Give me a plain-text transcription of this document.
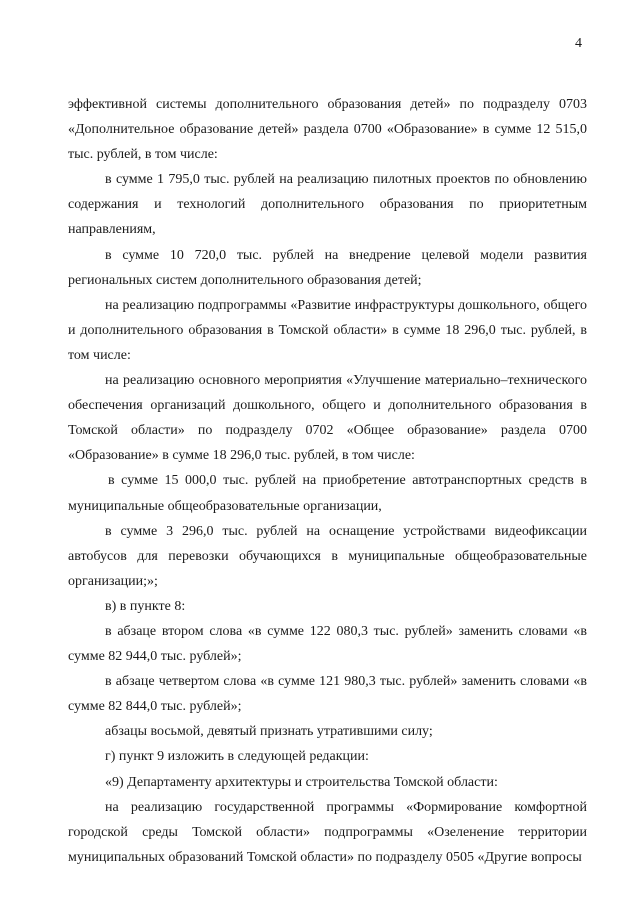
4

эффективной системы дополнительного образования детей» по подразделу 0703 «Дополнительное образование детей» раздела 0700 «Образование» в сумме 12 515,0 тыс. рублей, в том числе:

в сумме 1 795,0 тыс. рублей на реализацию пилотных проектов по обновлению содержания и технологий дополнительного образования по приоритетным направлениям,

в сумме 10 720,0 тыс. рублей на внедрение целевой модели развития региональных систем дополнительного образования детей;

на реализацию подпрограммы «Развитие инфраструктуры дошкольного, общего и дополнительного образования в Томской области» в сумме 18 296,0 тыс. рублей, в том числе:

на реализацию основного мероприятия «Улучшение материально–технического обеспечения организаций дошкольного, общего и дополнительного образования в Томской области» по подразделу 0702 «Общее образование» раздела 0700 «Образование» в сумме 18 296,0 тыс. рублей, в том числе:

в сумме 15 000,0 тыс. рублей на приобретение автотранспортных средств в муниципальные общеобразовательные организации,

в сумме 3 296,0 тыс. рублей на оснащение устройствами видеофиксации автобусов для перевозки обучающихся в муниципальные общеобразовательные организации;»;

в) в пункте 8:

в абзаце втором слова «в сумме 122 080,3 тыс. рублей» заменить словами «в сумме 82 944,0 тыс. рублей»;

в абзаце четвертом слова «в сумме 121 980,3 тыс. рублей» заменить словами «в сумме 82 844,0 тыс. рублей»;

абзацы восьмой, девятый признать утратившими силу;

г) пункт 9 изложить в следующей редакции:

«9) Департаменту архитектуры и строительства Томской области:

на реализацию государственной программы «Формирование комфортной городской среды Томской области» подпрограммы «Озеленение территории муниципальных образований Томской области» по подразделу 0505 «Другие вопросы
